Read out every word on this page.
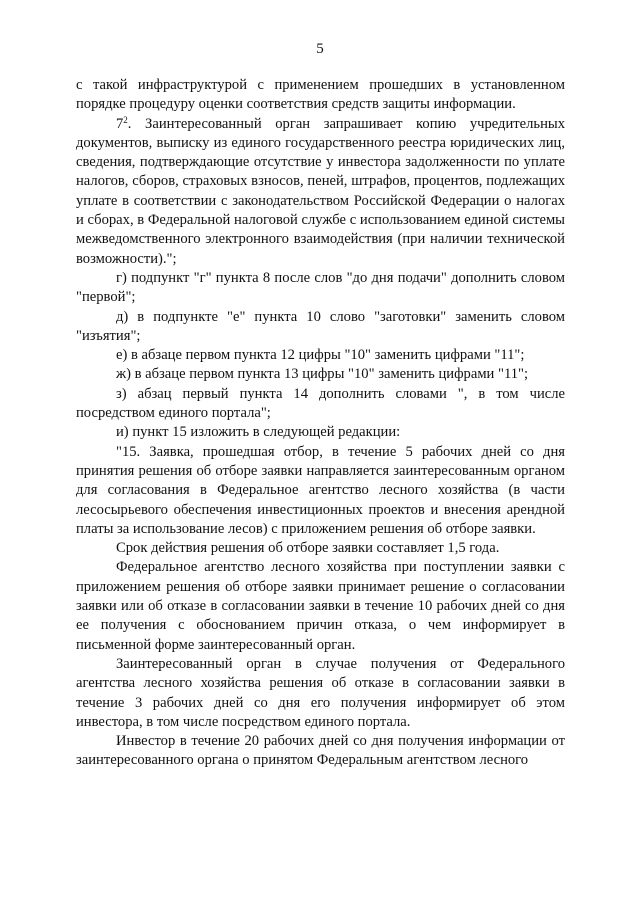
5

с такой инфраструктурой с применением прошедших в установленном порядке процедуру оценки соответствия средств защиты информации.

$7^2$. Заинтересованный орган запрашивает копию учредительных документов, выписку из единого государственного реестра юридических лиц, сведения, подтверждающие отсутствие у инвестора задолженности по уплате налогов, сборов, страховых взносов, пеней, штрафов, процентов, подлежащих уплате в соответствии с законодательством Российской Федерации о налогах и сборах, в Федеральной налоговой службе с использованием единой системы межведомственного электронного взаимодействия (при наличии технической возможности).";

г) подпункт "г" пункта 8 после слов "до дня подачи" дополнить словом "первой";

д) в подпункте "е" пункта 10 слово "заготовки" заменить словом "изъятия";

е) в абзаце первом пункта 12 цифры "10" заменить цифрами "11";

ж) в абзаце первом пункта 13 цифры "10" заменить цифрами "11";

з) абзац первый пункта 14 дополнить словами ", в том числе посредством единого портала";

и) пункт 15 изложить в следующей редакции:

"15. Заявка, прошедшая отбор, в течение 5 рабочих дней со дня принятия решения об отборе заявки направляется заинтересованным органом для согласования в Федеральное агентство лесного хозяйства (в части лесосырьевого обеспечения инвестиционных проектов и внесения арендной платы за использование лесов) с приложением решения об отборе заявки.

Срок действия решения об отборе заявки составляет 1,5 года.

Федеральное агентство лесного хозяйства при поступлении заявки с приложением решения об отборе заявки принимает решение о согласовании заявки или об отказе в согласовании заявки в течение 10 рабочих дней со дня ее получения с обоснованием причин отказа, о чем информирует в письменной форме заинтересованный орган.

Заинтересованный орган в случае получения от Федерального агентства лесного хозяйства решения об отказе в согласовании заявки в течение 3 рабочих дней со дня его получения информирует об этом инвестора, в том числе посредством единого портала.

Инвестор в течение 20 рабочих дней со дня получения информации от заинтересованного органа о принятом Федеральным агентством лесного
